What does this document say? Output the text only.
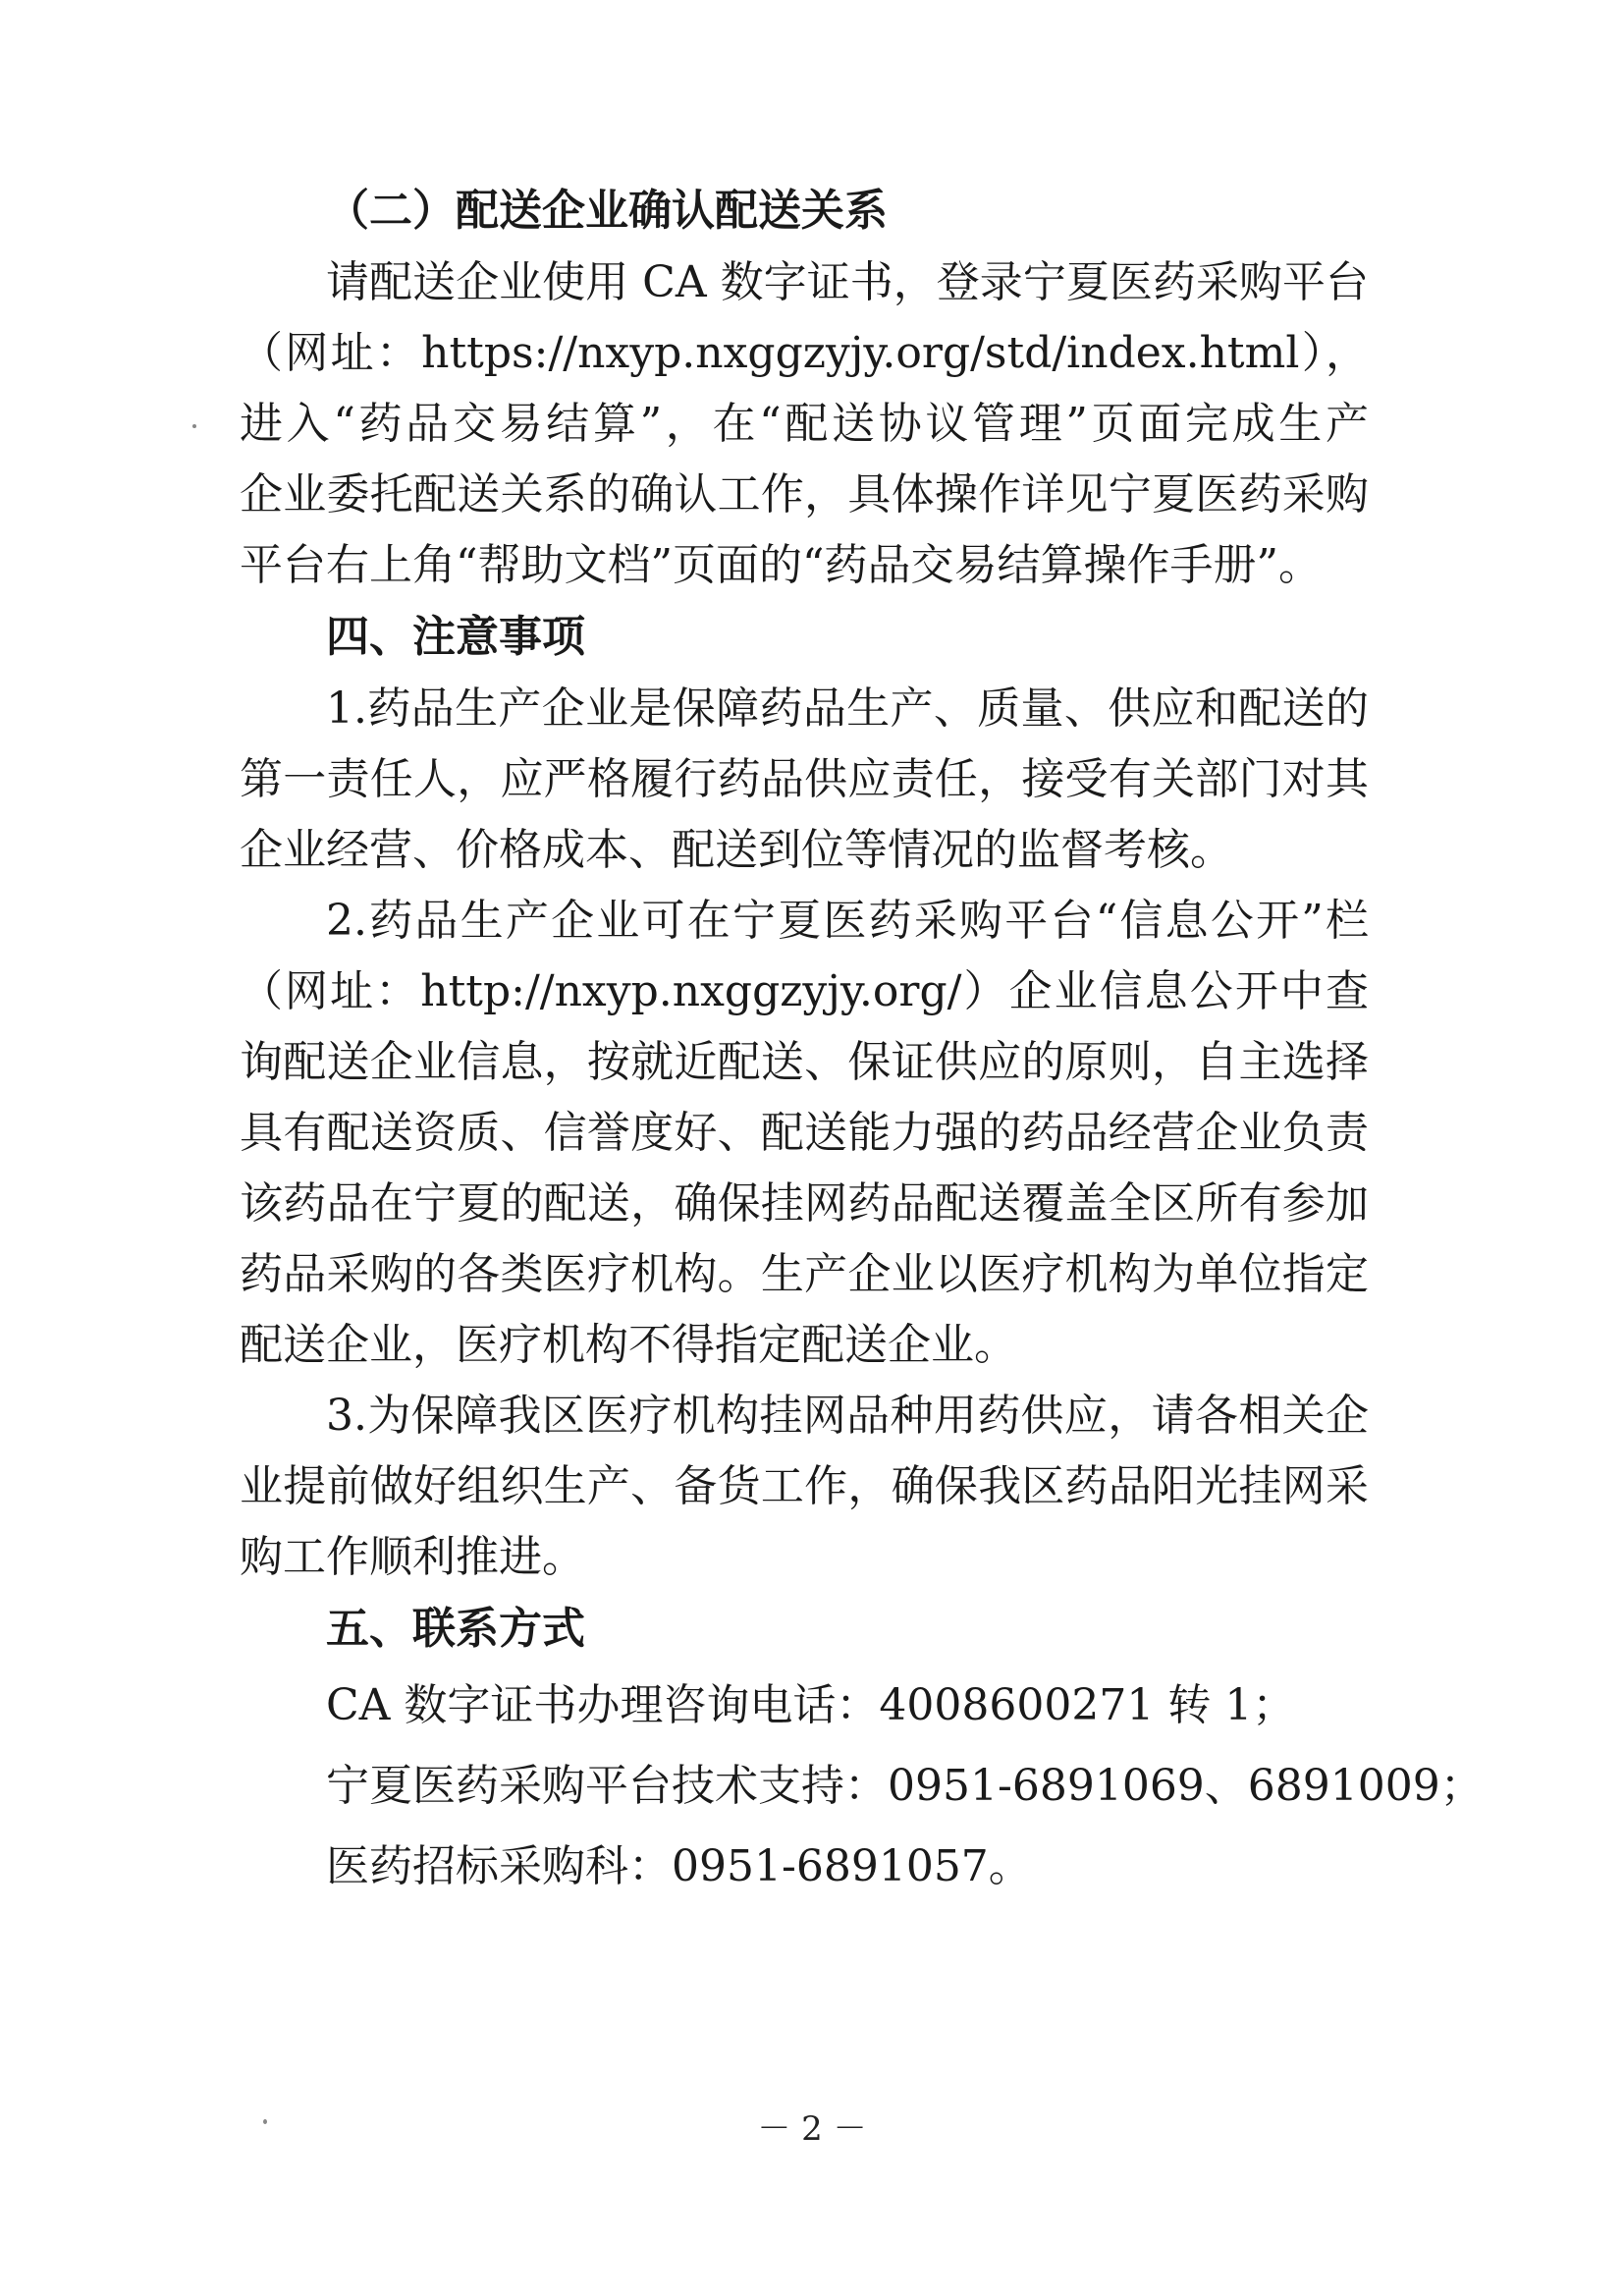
（二）配送企业确认配送关系
请配送企业使用 CA 数字证书，登录宁夏医药采购平台
（网址：https://nxyp.nxggzyjy.org/std/index.html），
进入“药品交易结算”，在“配送协议管理”页面完成生产
企业委托配送关系的确认工作，具体操作详见宁夏医药采购
平台右上角“帮助文档”页面的“药品交易结算操作手册”。
四、注意事项
1.药品生产企业是保障药品生产、质量、供应和配送的
第一责任人，应严格履行药品供应责任，接受有关部门对其
企业经营、价格成本、配送到位等情况的监督考核。
2.药品生产企业可在宁夏医药采购平台“信息公开”栏
（网址：http://nxyp.nxggzyjy.org/）企业信息公开中查
询配送企业信息，按就近配送、保证供应的原则，自主选择
具有配送资质、信誉度好、配送能力强的药品经营企业负责
该药品在宁夏的配送，确保挂网药品配送覆盖全区所有参加
药品采购的各类医疗机构。生产企业以医疗机构为单位指定
配送企业，医疗机构不得指定配送企业。
3.为保障我区医疗机构挂网品种用药供应，请各相关企
业提前做好组织生产、备货工作，确保我区药品阳光挂网采
购工作顺利推进。
五、联系方式
CA 数字证书办理咨询电话：4008600271 转 1；
宁夏医药采购平台技术支持：0951-6891069、6891009；
医药招标采购科：0951-6891057。
－ 2 －
